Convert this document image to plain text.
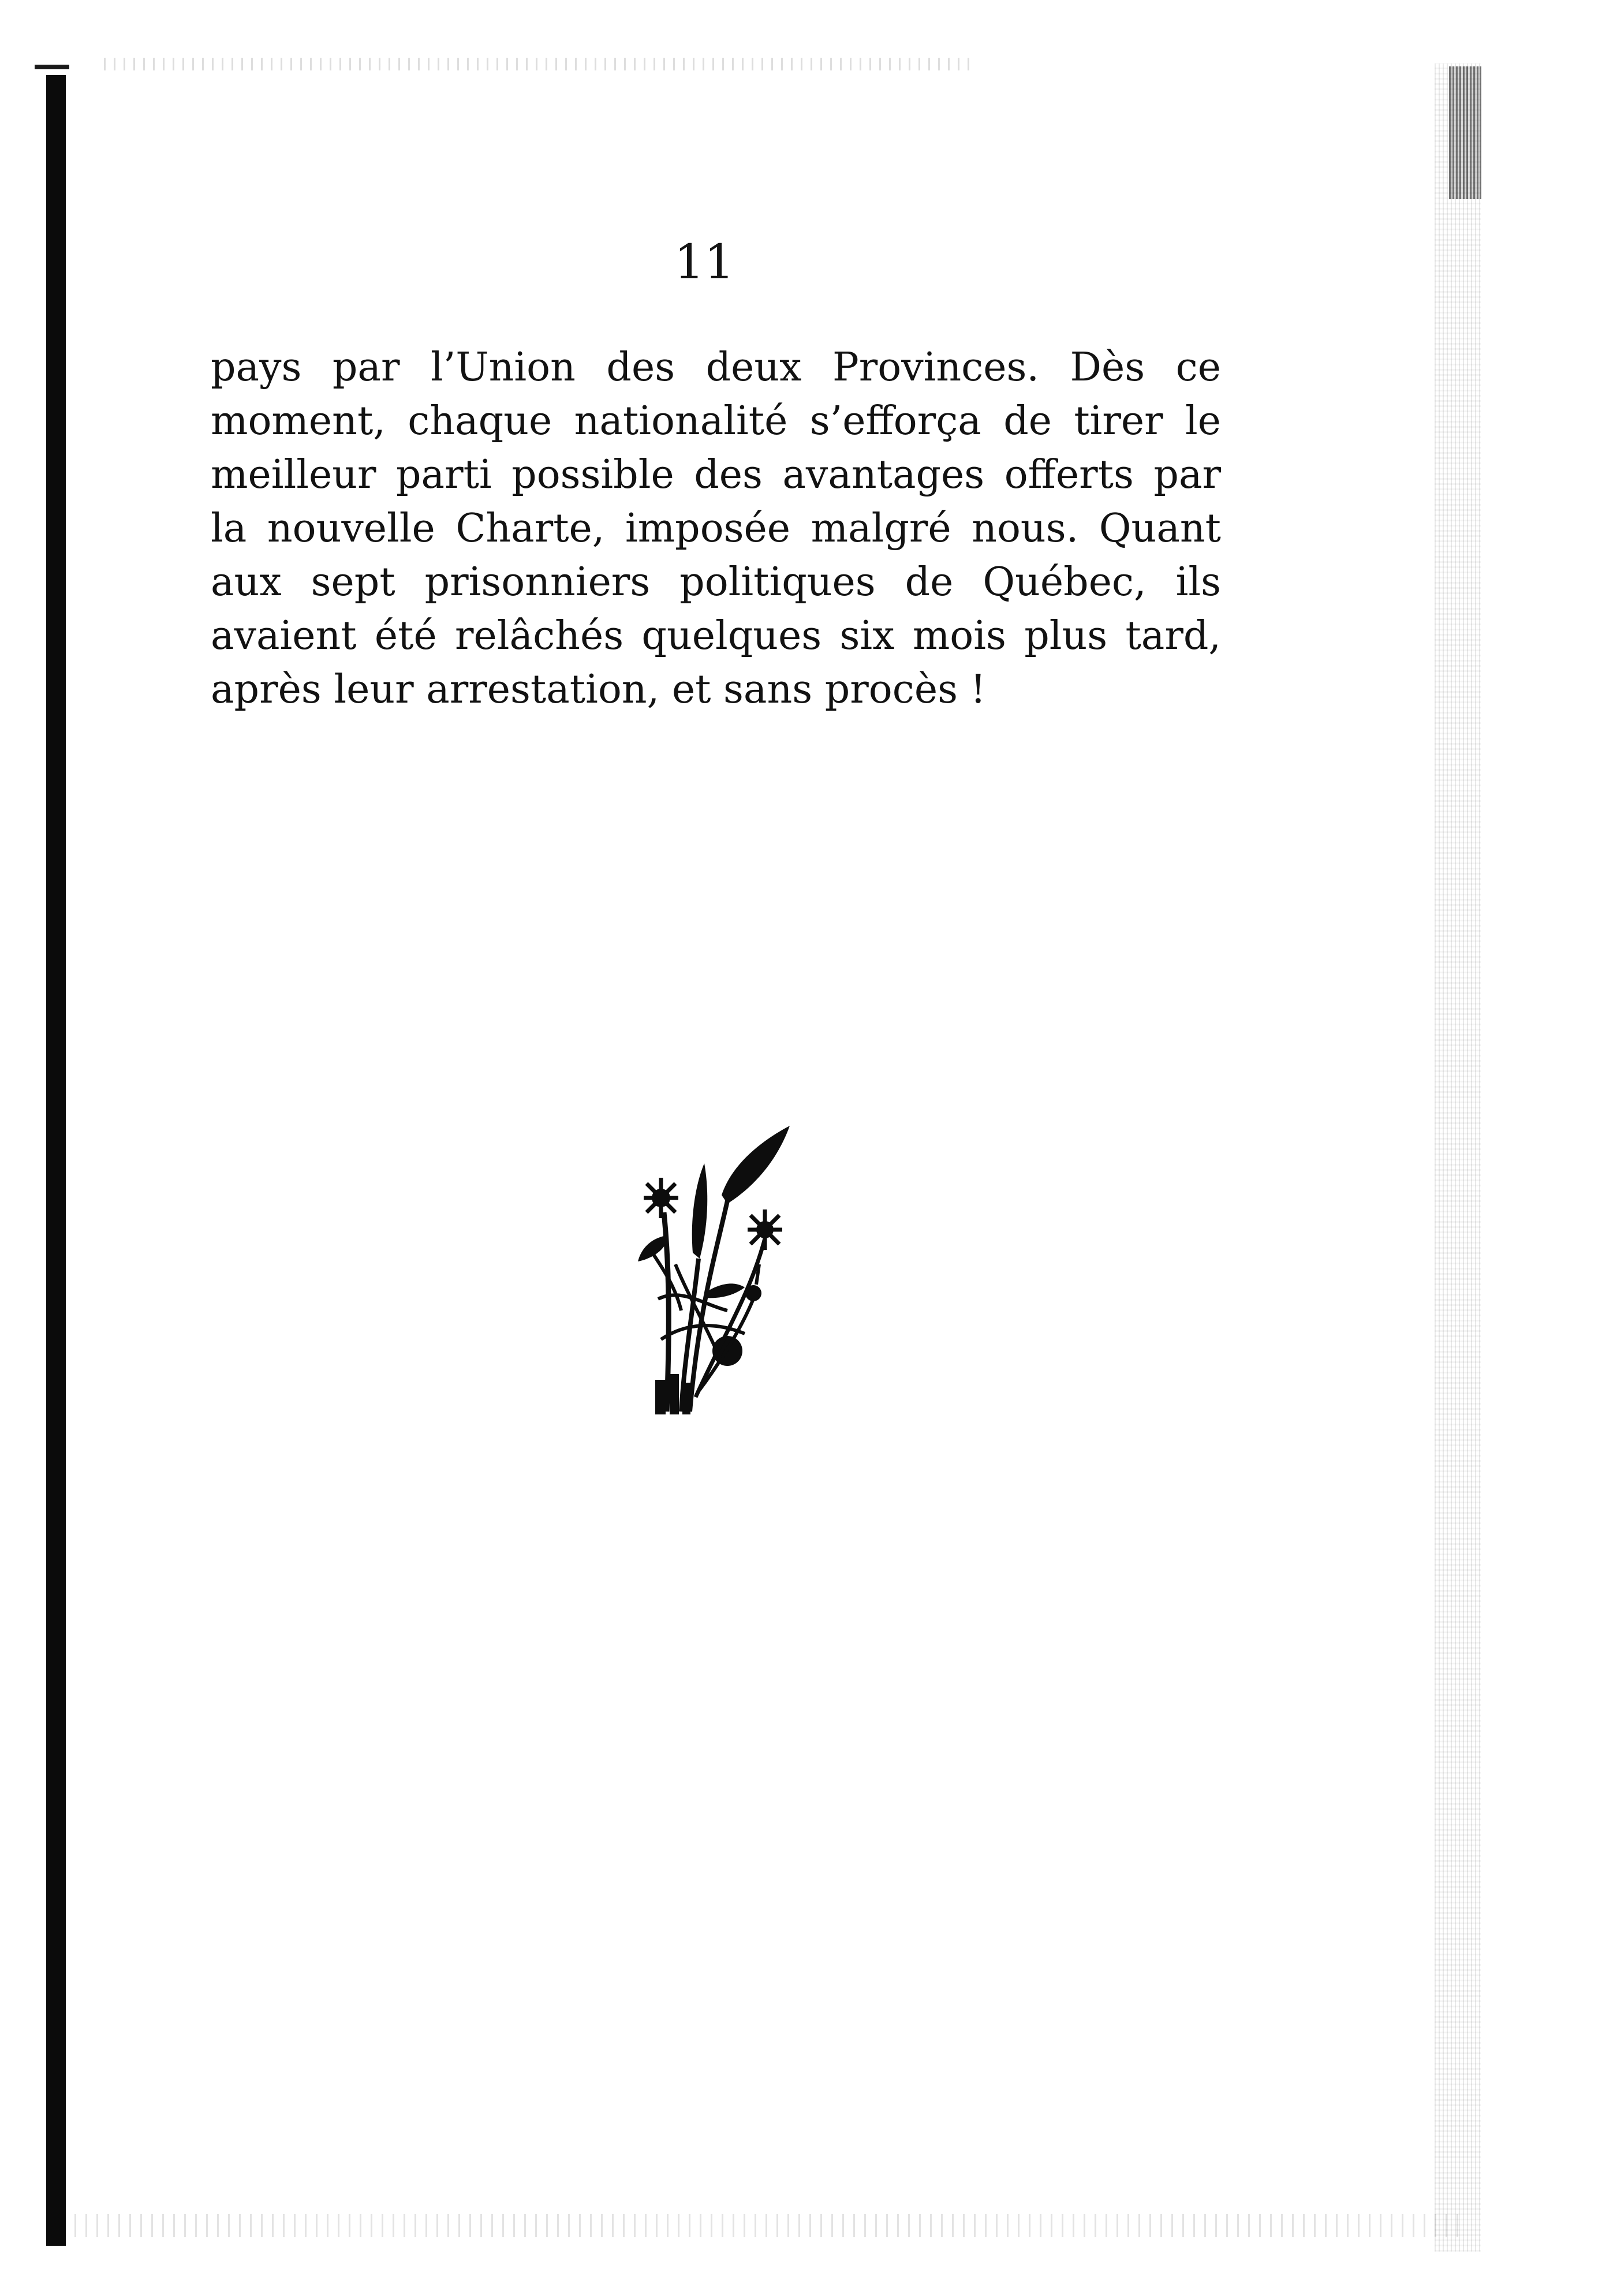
11
pays par l’Union des deux Provinces. Dès ce
moment, chaque nationalité s’efforça de tirer le
meilleur parti possible des avantages offerts par
la nouvelle Charte, imposée malgré nous. Quant
aux sept prisonniers politiques de Québec, ils
avaient été relâchés quelques six mois plus tard,
après leur arrestation, et sans procès !
